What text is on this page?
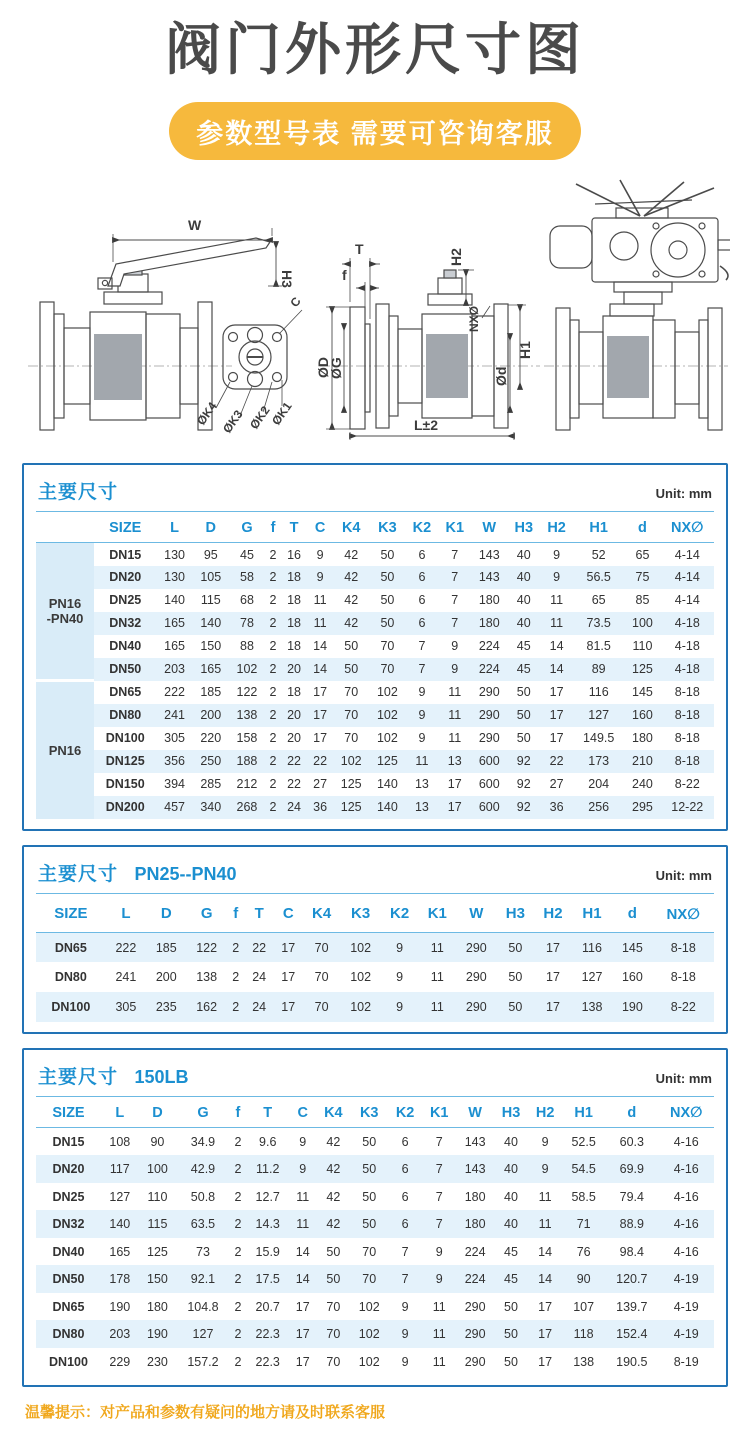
阀门外形尺寸图
参数型号表 需要可咨询客服
W
H3
C
ØK4 ØK3 ØK2
ØK1
T
f
ØD
ØG
H2
NXØ
H1
Ød
L±2
主要尺寸	Unit: mm
	SIZE	L	D	G	f	T	C	K4	K3	K2	K1	W	H3	H2	H1	d	NX∅

PN16
-PN40	DN15	130	95	45	2	16	9	42	50	6	7	143	40	9	52	65	4-14
	DN20	130	105	58	2	18	9	42	50	6	7	143	40	9	56.5	75	4-14
	DN25	140	115	68	2	18	11	42	50	6	7	180	40	11	65	85	4-14
	DN32	165	140	78	2	18	11	42	50	6	7	180	40	11	73.5	100	4-18
	DN40	165	150	88	2	18	14	50	70	7	9	224	45	14	81.5	110	4-18
	DN50	203	165	102	2	20	14	50	70	7	9	224	45	14	89	125	4-18

PN16	DN65	222	185	122	2	18	17	70	102	9	11	290	50	17	116	145	8-18
	DN80	241	200	138	2	20	17	70	102	9	11	290	50	17	127	160	8-18
	DN100	305	220	158	2	20	17	70	102	9	11	290	50	17	149.5	180	8-18
	DN125	356	250	188	2	22	22	102	125	11	13	600	92	22	173	210	8-18
	DN150	394	285	212	2	22	27	125	140	13	17	600	92	27	204	240	8-22
	DN200	457	340	268	2	24	36	125	140	13	17	600	92	36	256	295	12-22
主要尺寸 PN25--PN40	Unit: mm
SIZE	L	D	G	f	T	C	K4	K3	K2	K1	W	H3	H2	H1	d	NX∅
DN65	222	185	122	2	22	17	70	102	9	11	290	50	17	116	145	8-18
DN80	241	200	138	2	24	17	70	102	9	11	290	50	17	127	160	8-18
DN100	305	235	162	2	24	17	70	102	9	11	290	50	17	138	190	8-22
主要尺寸 150LB	Unit: mm
SIZE	L	D	G	f	T	C	K4	K3	K2	K1	W	H3	H2	H1	d	NX∅
DN15	108	90	34.9	2	9.6	9	42	50	6	7	143	40	9	52.5	60.3	4-16
DN20	117	100	42.9	2	11.2	9	42	50	6	7	143	40	9	54.5	69.9	4-16
DN25	127	110	50.8	2	12.7	11	42	50	6	7	180	40	11	58.5	79.4	4-16
DN32	140	115	63.5	2	14.3	11	42	50	6	7	180	40	11	71	88.9	4-16
DN40	165	125	73	2	15.9	14	50	70	7	9	224	45	14	76	98.4	4-16
DN50	178	150	92.1	2	17.5	14	50	70	7	9	224	45	14	90	120.7	4-19
DN65	190	180	104.8	2	20.7	17	70	102	9	11	290	50	17	107	139.7	4-19
DN80	203	190	127	2	22.3	17	70	102	9	11	290	50	17	118	152.4	4-19
DN100	229	230	157.2	2	22.3	17	70	102	9	11	290	50	17	138	190.5	8-19
温馨提示：对产品和参数有疑问的地方请及时联系客服
